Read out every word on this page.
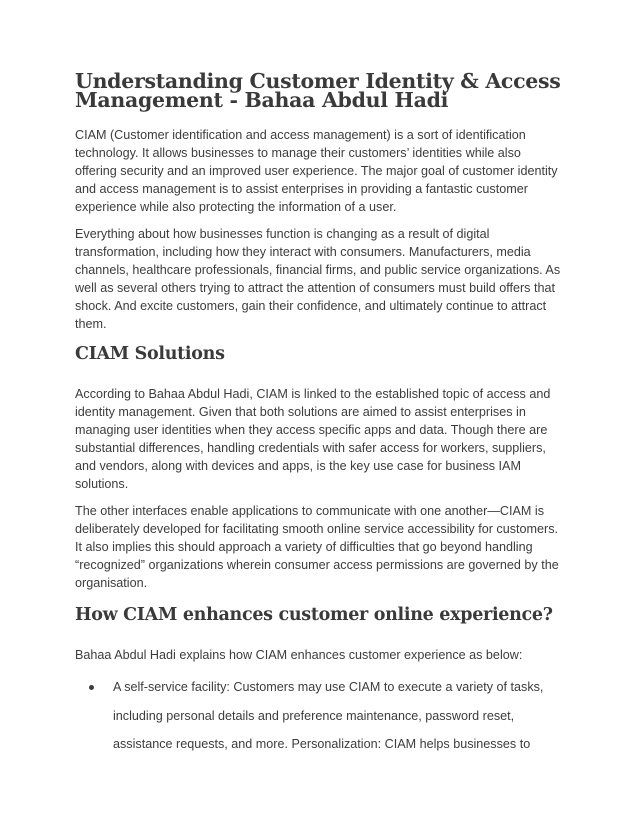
Understanding Customer Identity & Access Management - Bahaa Abdul Hadi

CIAM (Customer identification and access management) is a sort of identification technology. It allows businesses to manage their customers’ identities while also offering security and an improved user experience. The major goal of customer identity and access management is to assist enterprises in providing a fantastic customer experience while also protecting the information of a user.

Everything about how businesses function is changing as a result of digital transformation, including how they interact with consumers. Manufacturers, media channels, healthcare professionals, financial firms, and public service organizations. As well as several others trying to attract the attention of consumers must build offers that shock. And excite customers, gain their confidence, and ultimately continue to attract them.

CIAM Solutions

According to Bahaa Abdul Hadi, CIAM is linked to the established topic of access and identity management. Given that both solutions are aimed to assist enterprises in managing user identities when they access specific apps and data. Though there are substantial differences, handling credentials with safer access for workers, suppliers, and vendors, along with devices and apps, is the key use case for business IAM solutions.

The other interfaces enable applications to communicate with one another—CIAM is deliberately developed for facilitating smooth online service accessibility for customers. It also implies this should approach a variety of difficulties that go beyond handling “recognized” organizations wherein consumer access permissions are governed by the organisation.

How CIAM enhances customer online experience?

Bahaa Abdul Hadi explains how CIAM enhances customer experience as below:

A self-service facility: Customers may use CIAM to execute a variety of tasks, including personal details and preference maintenance, password reset, assistance requests, and more. Personalization: CIAM helps businesses to
